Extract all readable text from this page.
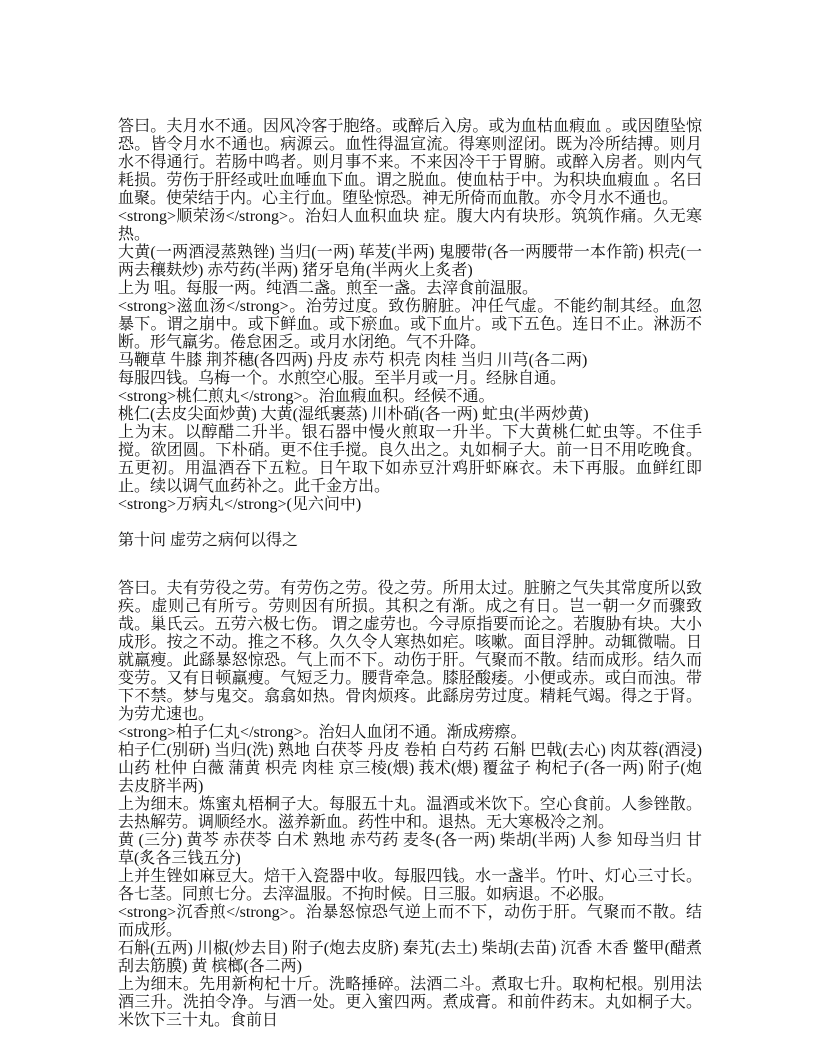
答曰。夫月水不通。因风冷客于胞络。或醉后入房。或为血枯血瘕血 。或因堕坠惊恐。皆令月水不通也。病源云。血性得温宣流。得寒则涩闭。既为冷所结搏。则月水不得通行。若肠中鸣者。则月事不来。不来因冷干于胃腑。或醉入房者。则内气耗损。劳伤于肝经或吐血唾血下血。谓之脱血。使血枯于中。为积块血瘕血 。名曰血聚。使荣结于内。心主行血。堕坠惊恐。神无所倚而血散。亦令月水不通也。

<strong>顺荣汤</strong>。治妇人血积血块 症。腹大内有块形。筑筑作痛。久无寒热。

大黄(一两酒浸蒸熟锉) 当归(一两) 荜茇(半两) 鬼腰带(各一两腰带一本作箭) 枳壳(一两去穰麸炒) 赤芍药(半两) 猪牙皂角(半两火上炙者)

上为 咀。每服一两。纯酒二盏。煎至一盏。去滓食前温服。

<strong>滋血汤</strong>。治劳过度。致伤腑脏。冲任气虚。不能约制其经。血忽暴下。谓之崩中。或下鲜血。或下瘀血。或下血片。或下五色。连日不止。淋沥不断。形气羸劣。倦怠困乏。或月水闭绝。气不升降。

马鞭草 牛膝 荆芥穗(各四两) 丹皮 赤芍 枳壳 肉桂 当归 川芎(各二两)

每服四钱。乌梅一个。水煎空心服。至半月或一月。经脉自通。

<strong>桃仁煎丸</strong>。治血瘕血积。经候不通。

桃仁(去皮尖面炒黄) 大黄(湿纸裹蒸) 川朴硝(各一两) 虻虫(半两炒黄)

上为末。以醇醋二升半。银石器中慢火煎取一升半。下大黄桃仁虻虫等。不住手搅。欲团圆。下朴硝。更不住手搅。良久出之。丸如桐子大。前一日不用吃晚食。五更初。用温酒吞下五粒。日午取下如赤豆汁鸡肝虾麻衣。未下再服。血鲜红即止。续以调气血药补之。此千金方出。

<strong>万病丸</strong>(见六问中)

第十问 虚劳之病何以得之

答曰。夫有劳役之劳。有劳伤之劳。役之劳。所用太过。脏腑之气失其常度所以致疾。虚则己有所亏。劳则因有所损。其积之有渐。成之有日。岂一朝一夕而骤致哉。巢氏云。五劳六极七伤。 谓之虚劳也。今寻原指要而论之。若腹胁有块。大小成形。按之不动。推之不移。久久令人寒热如疟。咳嗽。面目浮肿。动辄微喘。日就羸瘦。此繇暴怒惊恐。气上而不下。动伤于肝。气聚而不散。结而成形。结久而变劳。又有日顿羸瘦。气短乏力。腰背牵急。膝胫酸痿。小便或赤。或白而浊。带下不禁。梦与鬼交。翕翕如热。骨肉烦疼。此繇房劳过度。精耗气竭。得之于肾。为劳尤速也。

<strong>柏子仁丸</strong>。治妇人血闭不通。渐成痨瘵。

柏子仁(别研) 当归(洗) 熟地 白茯苓 丹皮 卷柏 白芍药 石斛 巴戟(去心) 肉苁蓉(酒浸) 山药 杜仲 白薇 蒲黄 枳壳 肉桂 京三棱(煨) 莪术(煨) 覆盆子 枸杞子(各一两) 附子(炮去皮脐半两)

上为细末。炼蜜丸梧桐子大。每服五十丸。温酒或米饮下。空心食前。人参锉散。去热解劳。调顺经水。滋养新血。药性中和。退热。无大寒极冷之剂。

黄 (三分) 黄芩 赤茯苓 白术 熟地 赤芍药 麦冬(各一两) 柴胡(半两) 人参 知母当归 甘草(炙各三钱五分)

上并生锉如麻豆大。焙干入瓷器中收。每服四钱。水一盏半。竹叶、灯心三寸长。各七茎。同煎七分。去滓温服。不拘时候。日三服。如病退。不必服。

<strong>沉香煎</strong>。治暴怒惊恐气逆上而不下，动伤于肝。气聚而不散。结而成形。

石斛(五两) 川椒(炒去目) 附子(炮去皮脐) 秦艽(去土) 柴胡(去苗) 沉香 木香 鳖甲(醋煮刮去筋膜) 黄 槟榔(各二两)

上为细末。先用新枸杞十斤。洗略捶碎。法酒二斗。煮取七升。取枸杞根。别用法酒三升。洗拍令净。与酒一处。更入蜜四两。煮成膏。和前件药末。丸如桐子大。米饮下三十丸。食前日
